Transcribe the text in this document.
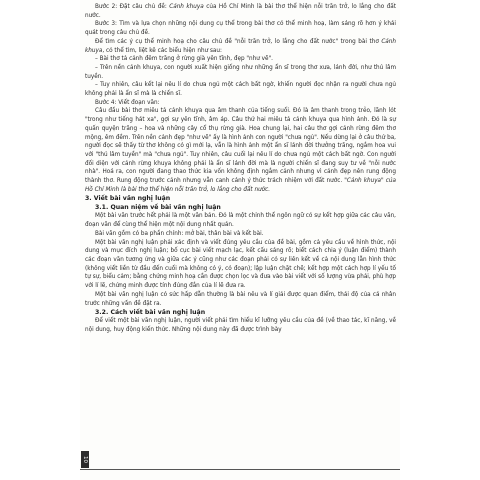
Bước 2: Đặt câu chủ đề: Cảnh khuya của Hồ Chí Minh là bài thơ thể hiện nỗi trăn trở, lo lắng cho đất nước.

Bước 3: Tìm và lựa chọn những nội dung cụ thể trong bài thơ có thể minh hoạ, làm sáng rõ hơn ý khái quát trong câu chủ đề.

Để tìm các ý cụ thể minh hoạ cho câu chủ đề "nỗi trăn trở, lo lắng cho đất nước" trong bài thơ Cảnh khuya, có thể tìm, liệt kê các biểu hiện như sau:

– Bài thơ tả cảnh đêm trăng ở rừng già yên tĩnh, đẹp "như vẽ".

– Trên nền cảnh khuya, con người xuất hiện giống như những ẩn sĩ trong thơ xưa, lánh đời, như thú lâm tuyền.

– Tuy nhiên, câu kết lại nêu lí do chưa ngủ một cách bất ngờ, khiến người đọc nhận ra người chưa ngủ không phải là ẩn sĩ mà là chiến sĩ.

Bước 4: Viết đoạn văn:

Câu đầu bài thơ miêu tả cảnh khuya qua âm thanh của tiếng suối. Đó là âm thanh trong trẻo, lãnh lót "trong như tiếng hát xa", gợi sự yên tĩnh, âm áp. Câu thứ hai miêu tả cảnh khuya qua hình ảnh. Đó là sự quấn quyện trăng – hoa và những cây cổ thụ rừng già. Hoa chung lại, hai câu thơ gợi cảnh rừng đêm thơ mộng, êm đềm. Trên nền cảnh đẹp "như vẽ" ấy là hình ảnh con người "chưa ngủ". Nếu dừng lại ở câu thứ ba, người đọc sẽ thấy từ thơ không có gì mới lạ, vẫn là hình ảnh một ẩn sĩ lánh đời thưởng trăng, ngắm hoa vui với "thú lâm tuyền" mà "chưa ngủ". Tuy nhiên, câu cuối lại nêu lí do chưa ngủ một cách bất ngờ. Con người đối diện với cảnh rừng khuya không phải là ẩn sĩ lánh đời mà là người chiến sĩ đang suy tư về "nỗi nước nhà". Hoá ra, con người đang thao thức kia vốn không định ngắm cảnh nhưng vì cảnh đẹp nên rung động thành thơ. Rung động trước cảnh nhưng vẫn canh cánh ý thức trách nhiệm với đất nước. "Cảnh khuya" của Hồ Chí Minh là bài thơ thể hiện nỗi trăn trở, lo lắng cho đất nước.

3. Viết bài văn nghị luận
3.1. Quan niệm về bài văn nghị luận

Một bài văn trước hết phải là một văn bản. Đó là một chỉnh thể ngôn ngữ có sự kết hợp giữa các câu văn, đoạn văn để cùng thể hiện một nội dung nhất quán.

Bài văn gồm có ba phần chính: mở bài, thân bài và kết bài.

Một bài văn nghị luận phải xác định và viết đúng yêu cầu của đề bài, gồm cả yêu cầu về hình thức, nội dung và mục đích nghị luận; bố cục bài viết mạch lạc, kết cấu sáng rõ; biết cách chia ý (luận điểm) thành các đoạn văn tương ứng và giữa các ý cũng như các đoạn phải có sự liên kết về cả nội dung lẫn hình thức (không viết liền từ đầu đến cuối mà không có ý, có đoạn); lập luận chặt chẽ; kết hợp một cách hợp lí yếu tố tự sự, biểu cảm; bằng chứng minh hoạ cần được chọn lọc và đưa vào bài viết với số lượng vừa phải, phù hợp với lí lẽ, chứng minh được tính đúng đắn của lí lẽ đưa ra.

Một bài văn nghị luận có sức hấp dẫn thường là bài nêu và lí giải được quan điểm, thái độ của cá nhân trước những vấn đề đặt ra.

3.2. Cách viết bài văn nghị luận

Để viết một bài văn nghị luận, người viết phải tìm hiểu kĩ lưỡng yêu cầu của đề (về thao tác, kĩ năng, về nội dung, huy động kiến thức. Những nội dung này đã được trình bày

10
